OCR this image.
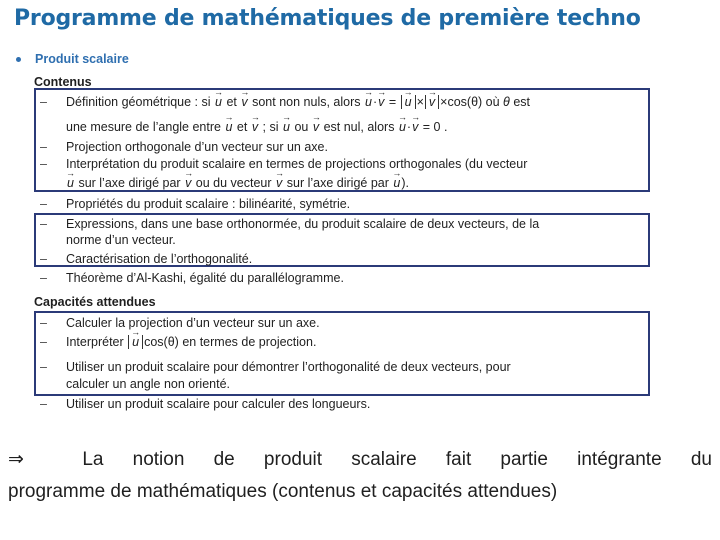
Programme de mathématiques de première techno
Produit scalaire
Contenus
– Définition géométrique : si → u et → v sont non nuls, alors → u·→ v = → u × → v ×cos(θ) où θ est
une mesure de l’angle entre → u et → v ; si → u ou → v est nul, alors → u·→ v = 0 .
– Projection orthogonale d’un vecteur sur un axe.
– Interprétation du produit scalaire en termes de projections orthogonales (du vecteur
→ u sur l’axe dirigé par → v ou du vecteur → v sur l’axe dirigé par → u).
– Propriétés du produit scalaire : bilinéarité, symétrie.
– Expressions, dans une base orthonormée, du produit scalaire de deux vecteurs, de la
norme d’un vecteur.
– Caractérisation de l’orthogonalité.
– Théorème d’Al-Kashi, égalité du parallélogramme.
Capacités attendues
– Calculer la projection d’un vecteur sur un axe.
– Interpréter → u cos(θ) en termes de projection.
– Utiliser un produit scalaire pour démontrer l’orthogonalité de deux vecteurs, pour
calculer un angle non orienté.
– Utiliser un produit scalaire pour calculer des longueurs.
⇒	La notion de produit scalaire fait partie intégrante du
programme de mathématiques (contenus et capacités attendues)
